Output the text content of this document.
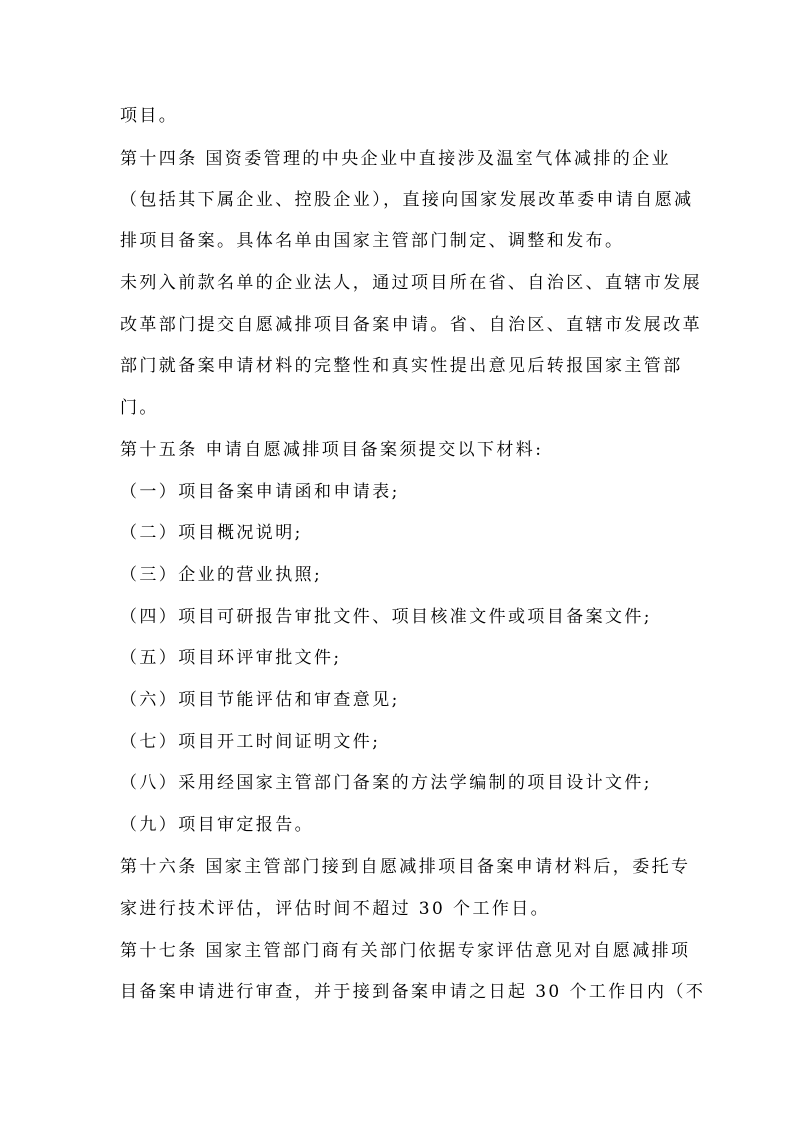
项目。
第十四条 国资委管理的中央企业中直接涉及温室气体减排的企业
（包括其下属企业、控股企业），直接向国家发展改革委申请自愿减
排项目备案。具体名单由国家主管部门制定、调整和发布。
未列入前款名单的企业法人，通过项目所在省、自治区、直辖市发展
改革部门提交自愿减排项目备案申请。省、自治区、直辖市发展改革
部门就备案申请材料的完整性和真实性提出意见后转报国家主管部
门。
第十五条 申请自愿减排项目备案须提交以下材料:
（一）项目备案申请函和申请表;
（二）项目概况说明;
（三）企业的营业执照;
（四）项目可研报告审批文件、项目核准文件或项目备案文件;
（五）项目环评审批文件;
（六）项目节能评估和审查意见;
（七）项目开工时间证明文件;
（八）采用经国家主管部门备案的方法学编制的项目设计文件;
（九）项目审定报告。
第十六条 国家主管部门接到自愿减排项目备案申请材料后，委托专
家进行技术评估，评估时间不超过 30 个工作日。
第十七条 国家主管部门商有关部门依据专家评估意见对自愿减排项
目备案申请进行审查，并于接到备案申请之日起 30 个工作日内（不
